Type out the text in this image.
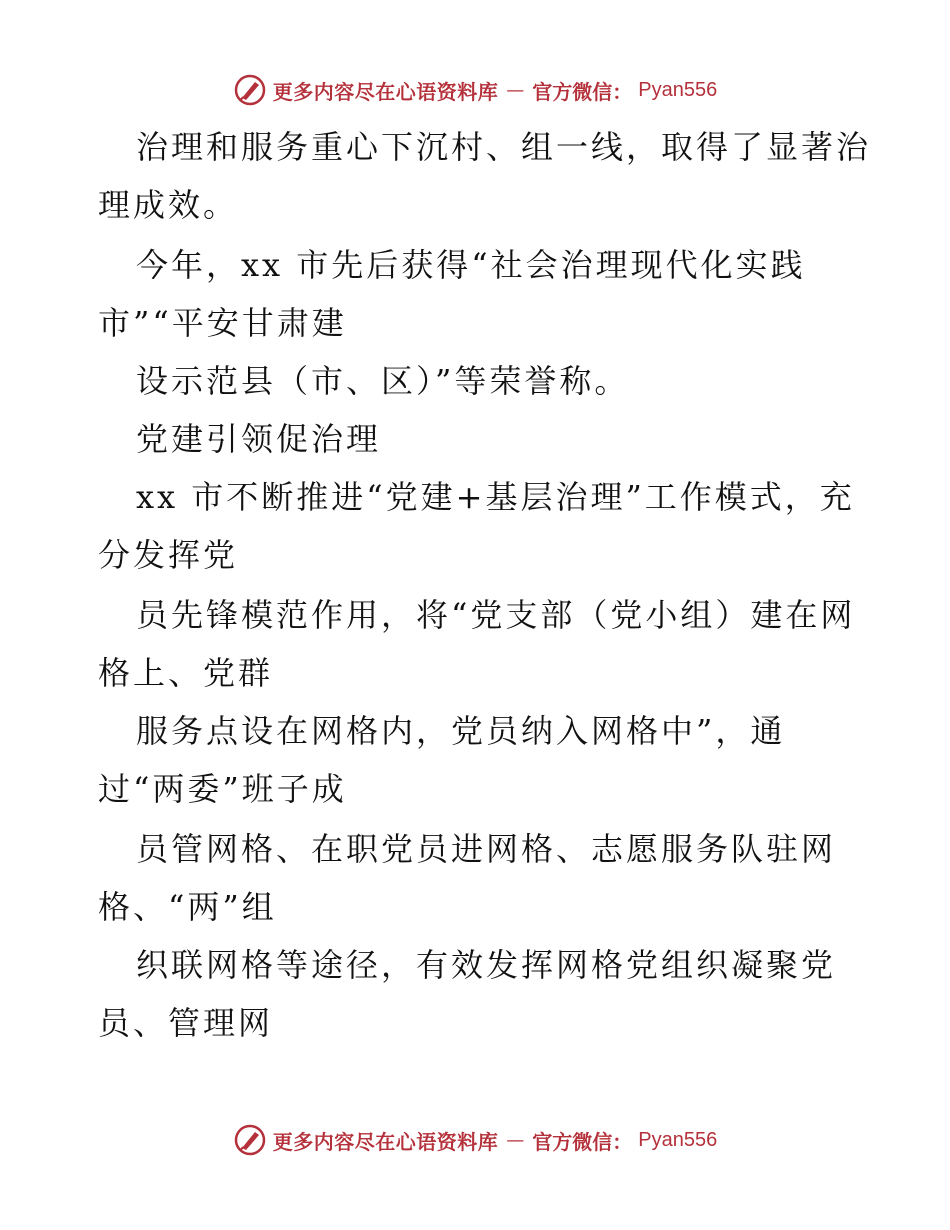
更多内容尽在心语资料库 — 官方微信： Pyan556
治理和服务重心下沉村、组一线，取得了显著治
理成效。
今年，xx 市先后获得“社会治理现代化实践
市”“平安甘肃建
设示范县（市、区）”等荣誉称。
党建引领促治理
xx 市不断推进“党建+基层治理”工作模式，充
分发挥党
员先锋模范作用，将“党支部（党小组）建在网
格上、党群
服务点设在网格内，党员纳入网格中”，通
过“两委”班子成
员管网格、在职党员进网格、志愿服务队驻网
格、“两”组
织联网格等途径，有效发挥网格党组织凝聚党
员、管理网
更多内容尽在心语资料库 — 官方微信： Pyan556
